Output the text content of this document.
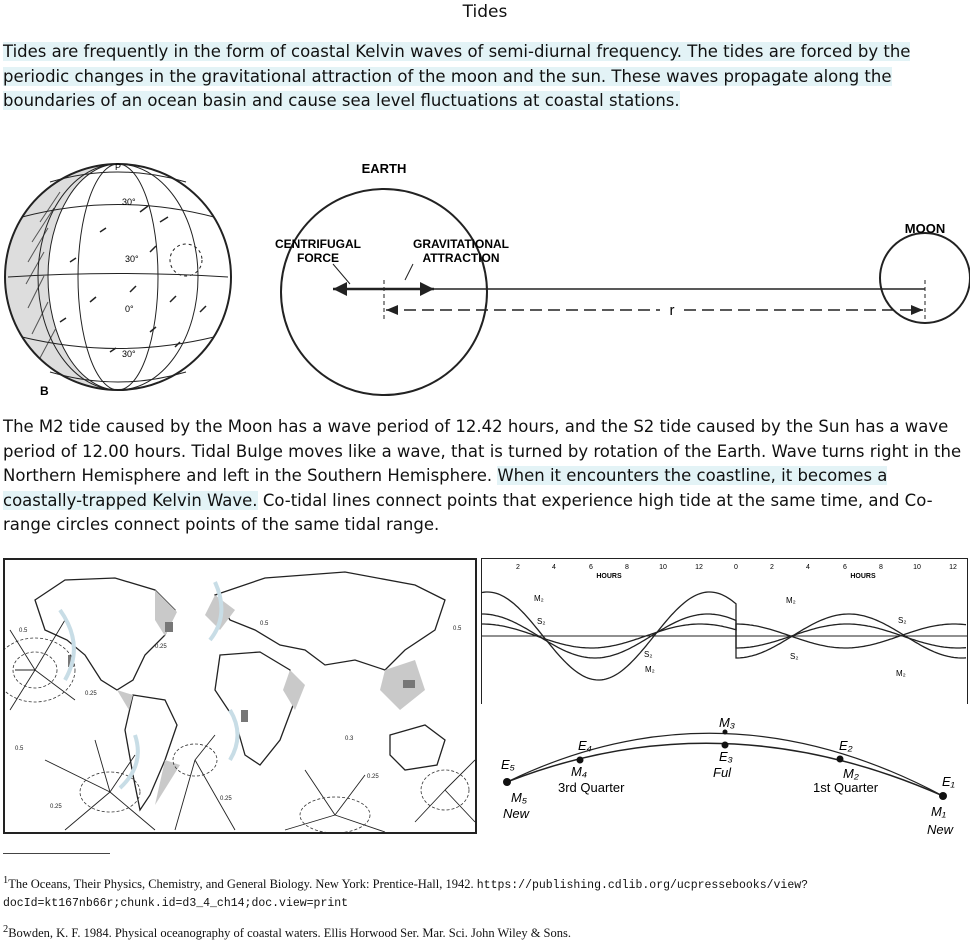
Tides

Tides are frequently in the form of coastal Kelvin waves of semi-diurnal frequency. The tides are forced by the periodic changes in the gravitational attraction of the moon and the sun. These waves propagate along the boundaries of an ocean basin and cause sea level fluctuations at coastal stations.

P
30°
30°
0°
30°
B
EARTH
MOON
CENTRIFUGAL
FORCE
GRAVITATIONAL
ATTRACTION
r

The M2 tide caused by the Moon has a wave period of 12.42 hours, and the S2 tide caused by the Sun has a wave period of 12.00 hours. Tidal Bulge moves like a wave, that is turned by rotation of the Earth. Wave turns right in the Northern Hemisphere and left in the Southern Hemisphere. When it encounters the coastline, it becomes a coastally-trapped Kelvin Wave. Co-tidal lines connect points that experience high tide at the same time, and Co-range circles connect points of the same tidal range.

0.5
0.25
0.5
0.5
0.25
0.3
0.25
0.25
0.5
0.25
2	4	6	8	10	12	0	2	4	6	8	10	12
HOURS	HOURS
M₂
S₂
S₂
M₂
M₂
S₂
S₂
M₂
E₅
M₅
New
E₄
M₄
3rd Quarter
M₃
E₃
Ful
E₂
M₂
1st Quarter	E₁
M₁
New

$^1$The Oceans, Their Physics, Chemistry, and General Biology. New York: Prentice-Hall, 1942. https://publishing.cdlib.org/ucpressebooks/view?docId=kt167nb66r;chunk.id=d3_4_ch14;doc.view=print

$^2$Bowden, K. F. 1984. Physical oceanography of coastal waters. Ellis Horwood Ser. Mar. Sci. John Wiley & Sons.
